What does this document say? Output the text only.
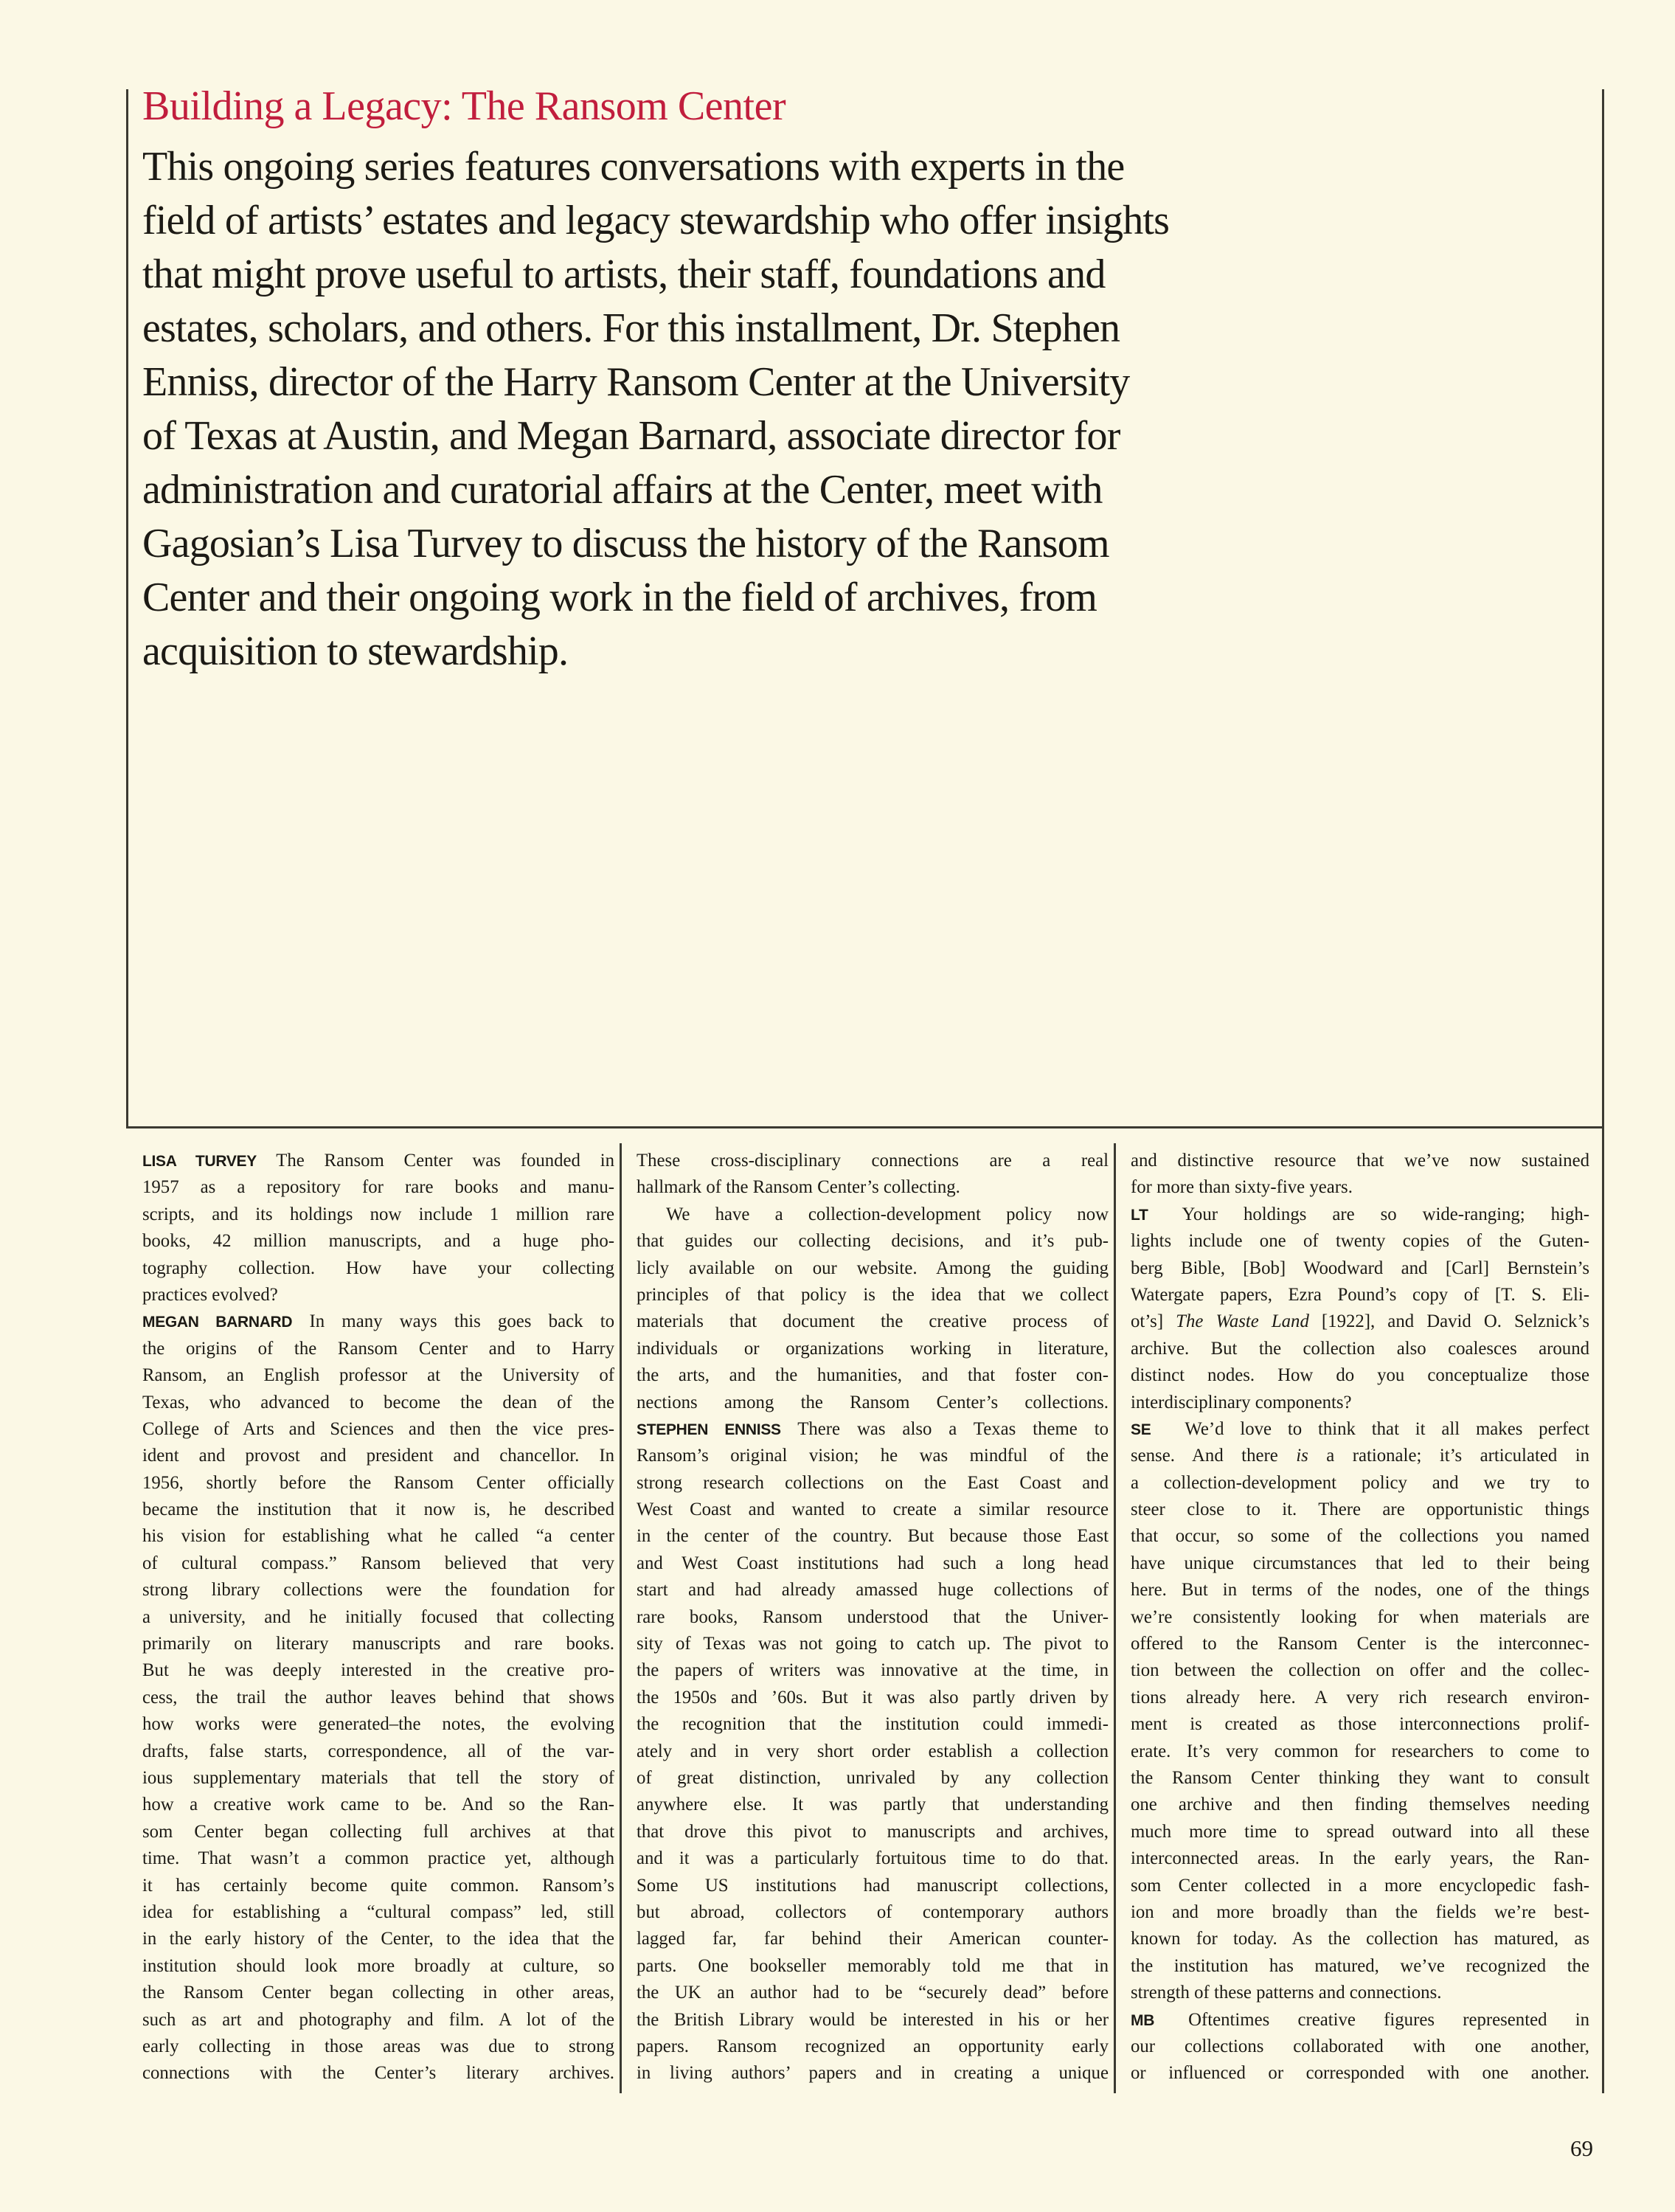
Building a Legacy: The Ransom Center
This ongoing series features conversations with experts in the
field of artists’ estates and legacy stewardship who offer insights
that might prove useful to artists, their staff, foundations and
estates, scholars, and others. For this installment, Dr. Stephen
Enniss, director of the Harry Ransom Center at the University
of Texas at Austin, and Megan Barnard, associate director for
administration and curatorial affairs at the Center, meet with
Gagosian’s Lisa Turvey to discuss the history of the Ransom
Center and their ongoing work in the field of archives, from
acquisition to stewardship.
LISA TURVEY The Ransom Center was founded in
1957 as a repository for rare books and manu-
scripts, and its holdings now include 1 million rare
books, 42 million manuscripts, and a huge pho-
tography collection. How have your collecting
practices evolved?
MEGAN BARNARD In many ways this goes back to
the origins of the Ransom Center and to Harry
Ransom, an English professor at the University of
Texas, who advanced to become the dean of the
College of Arts and Sciences and then the vice pres-
ident and provost and president and chancellor. In
1956, shortly before the Ransom Center officially
became the institution that it now is, he described
his vision for establishing what he called “a center
of cultural compass.” Ransom believed that very
strong library collections were the foundation for
a university, and he initially focused that collecting
primarily on literary manuscripts and rare books.
But he was deeply interested in the creative pro-
cess, the trail the author leaves behind that shows
how works were generated–the notes, the evolving
drafts, false starts, correspondence, all of the var-
ious supplementary materials that tell the story of
how a creative work came to be. And so the Ran-
som Center began collecting full archives at that
time. That wasn’t a common practice yet, although
it has certainly become quite common. Ransom’s
idea for establishing a “cultural compass” led, still
in the early history of the Center, to the idea that the
institution should look more broadly at culture, so
the Ransom Center began collecting in other areas,
such as art and photography and film. A lot of the
early collecting in those areas was due to strong
connections with the Center’s literary archives.
These cross-disciplinary connections are a real
hallmark of the Ransom Center’s collecting.
We have a collection-development policy now
that guides our collecting decisions, and it’s pub-
licly available on our website. Among the guiding
principles of that policy is the idea that we collect
materials that document the creative process of
individuals or organizations working in literature,
the arts, and the humanities, and that foster con-
nections among the Ransom Center’s collections.
STEPHEN ENNISS There was also a Texas theme to
Ransom’s original vision; he was mindful of the
strong research collections on the East Coast and
West Coast and wanted to create a similar resource
in the center of the country. But because those East
and West Coast institutions had such a long head
start and had already amassed huge collections of
rare books, Ransom understood that the Univer-
sity of Texas was not going to catch up. The pivot to
the papers of writers was innovative at the time, in
the 1950s and ’60s. But it was also partly driven by
the recognition that the institution could immedi-
ately and in very short order establish a collection
of great distinction, unrivaled by any collection
anywhere else. It was partly that understanding
that drove this pivot to manuscripts and archives,
and it was a particularly fortuitous time to do that.
Some US institutions had manuscript collections,
but abroad, collectors of contemporary authors
lagged far, far behind their American counter-
parts. One bookseller memorably told me that in
the UK an author had to be “securely dead” before
the British Library would be interested in his or her
papers. Ransom recognized an opportunity early
in living authors’ papers and in creating a unique
and distinctive resource that we’ve now sustained
for more than sixty-five years.
LT Your holdings are so wide-ranging; high-
lights include one of twenty copies of the Guten-
berg Bible, [Bob] Woodward and [Carl] Bernstein’s
Watergate papers, Ezra Pound’s copy of [T. S. Eli-
ot’s] The Waste Land [1922], and David O. Selznick’s
archive. But the collection also coalesces around
distinct nodes. How do you conceptualize those
interdisciplinary components?
SE We’d love to think that it all makes perfect
sense. And there is a rationale; it’s articulated in
a collection-development policy and we try to
steer close to it. There are opportunistic things
that occur, so some of the collections you named
have unique circumstances that led to their being
here. But in terms of the nodes, one of the things
we’re consistently looking for when materials are
offered to the Ransom Center is the interconnec-
tion between the collection on offer and the collec-
tions already here. A very rich research environ-
ment is created as those interconnections prolif-
erate. It’s very common for researchers to come to
the Ransom Center thinking they want to consult
one archive and then finding themselves needing
much more time to spread outward into all these
interconnected areas. In the early years, the Ran-
som Center collected in a more encyclopedic fash-
ion and more broadly than the fields we’re best-
known for today. As the collection has matured, as
the institution has matured, we’ve recognized the
strength of these patterns and connections.
MB Oftentimes creative figures represented in
our collections collaborated with one another,
or influenced or corresponded with one another.
69
